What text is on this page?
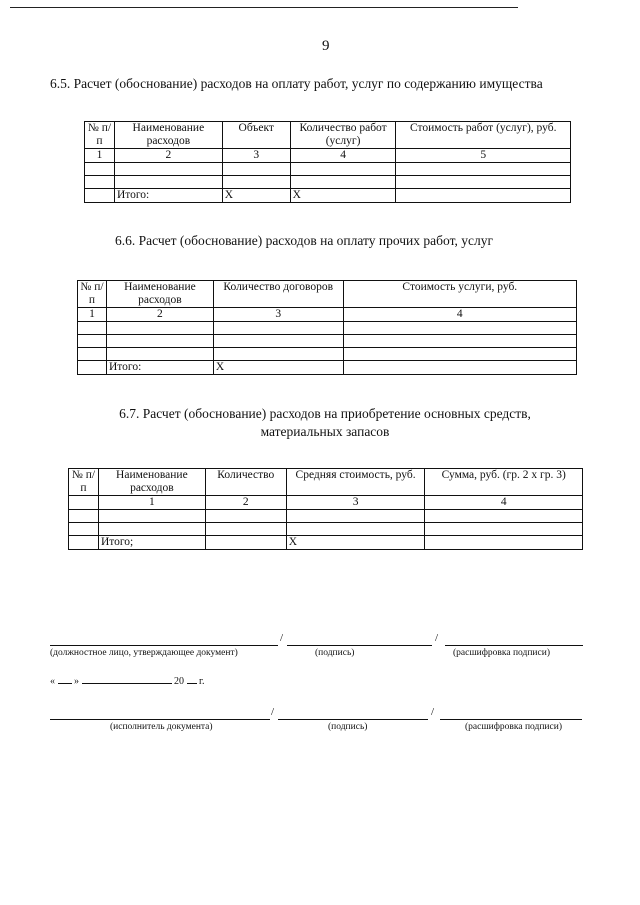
9
6.5. Расчет (обоснование) расходов на оплату работ, услуг по содержанию имущества
№ п/п	Наименование расходов	Объект	Количество работ (услуг)	Стоимость работ (услуг), руб.
1	2	3	4	5

	Итого:	Х	Х	
6.6. Расчет (обоснование) расходов на оплату прочих работ, услуг
№ п/п	Наименование расходов	Количество договоров	Стоимость услуги, руб.
1	2	3	4

	Итого:	Х	
6.7. Расчет (обоснование) расходов на приобретение основных средств,
материальных запасов
№ п/п	Наименование расходов	Количество	Средняя стоимость, руб.	Сумма, руб. (гр. 2 х гр. 3)
	1	2	3	4

	Итого;		Х	
/	/
(должностное лицо, утверждающее документ)	(подпись)	(расшифровка подписи)
« »	20 г.
/	/
(исполнитель документа)	(подпись)	(расшифровка подписи)
